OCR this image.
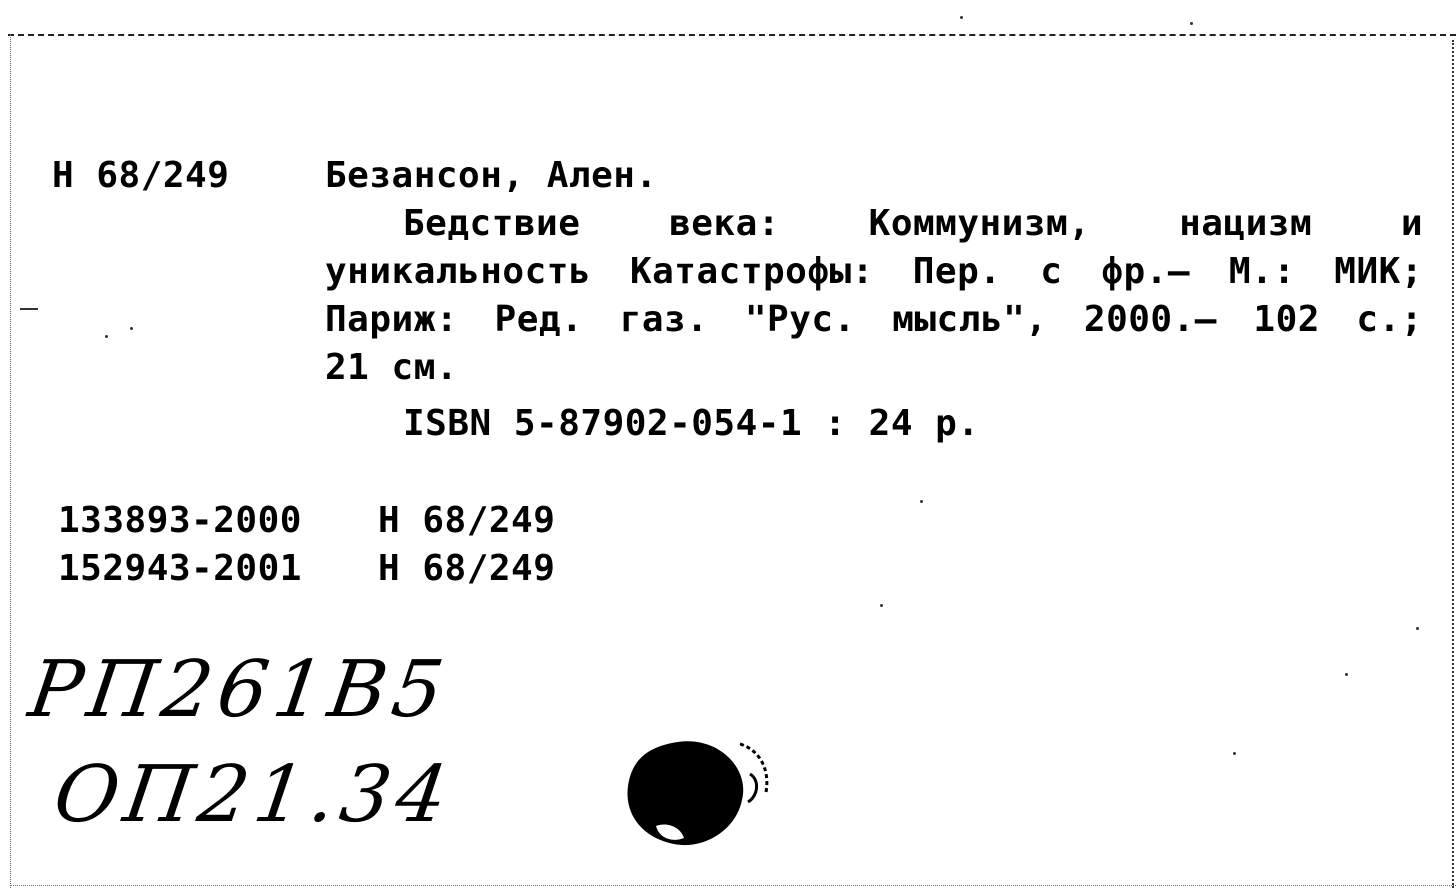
Н 68/249	Безансон, Ален.
Бедствие века: Коммунизм, нацизм и
уникальность Катастрофы: Пер. с фр.– М.: МИК;
Париж: Ред. газ. "Рус. мысль", 2000.– 102 с.;
21 см.
ISBN 5-87902-054-1 : 24 р.
133893-2000 Н 68/249
152943-2001 Н 68/249
РП261В5
ОП21.34
